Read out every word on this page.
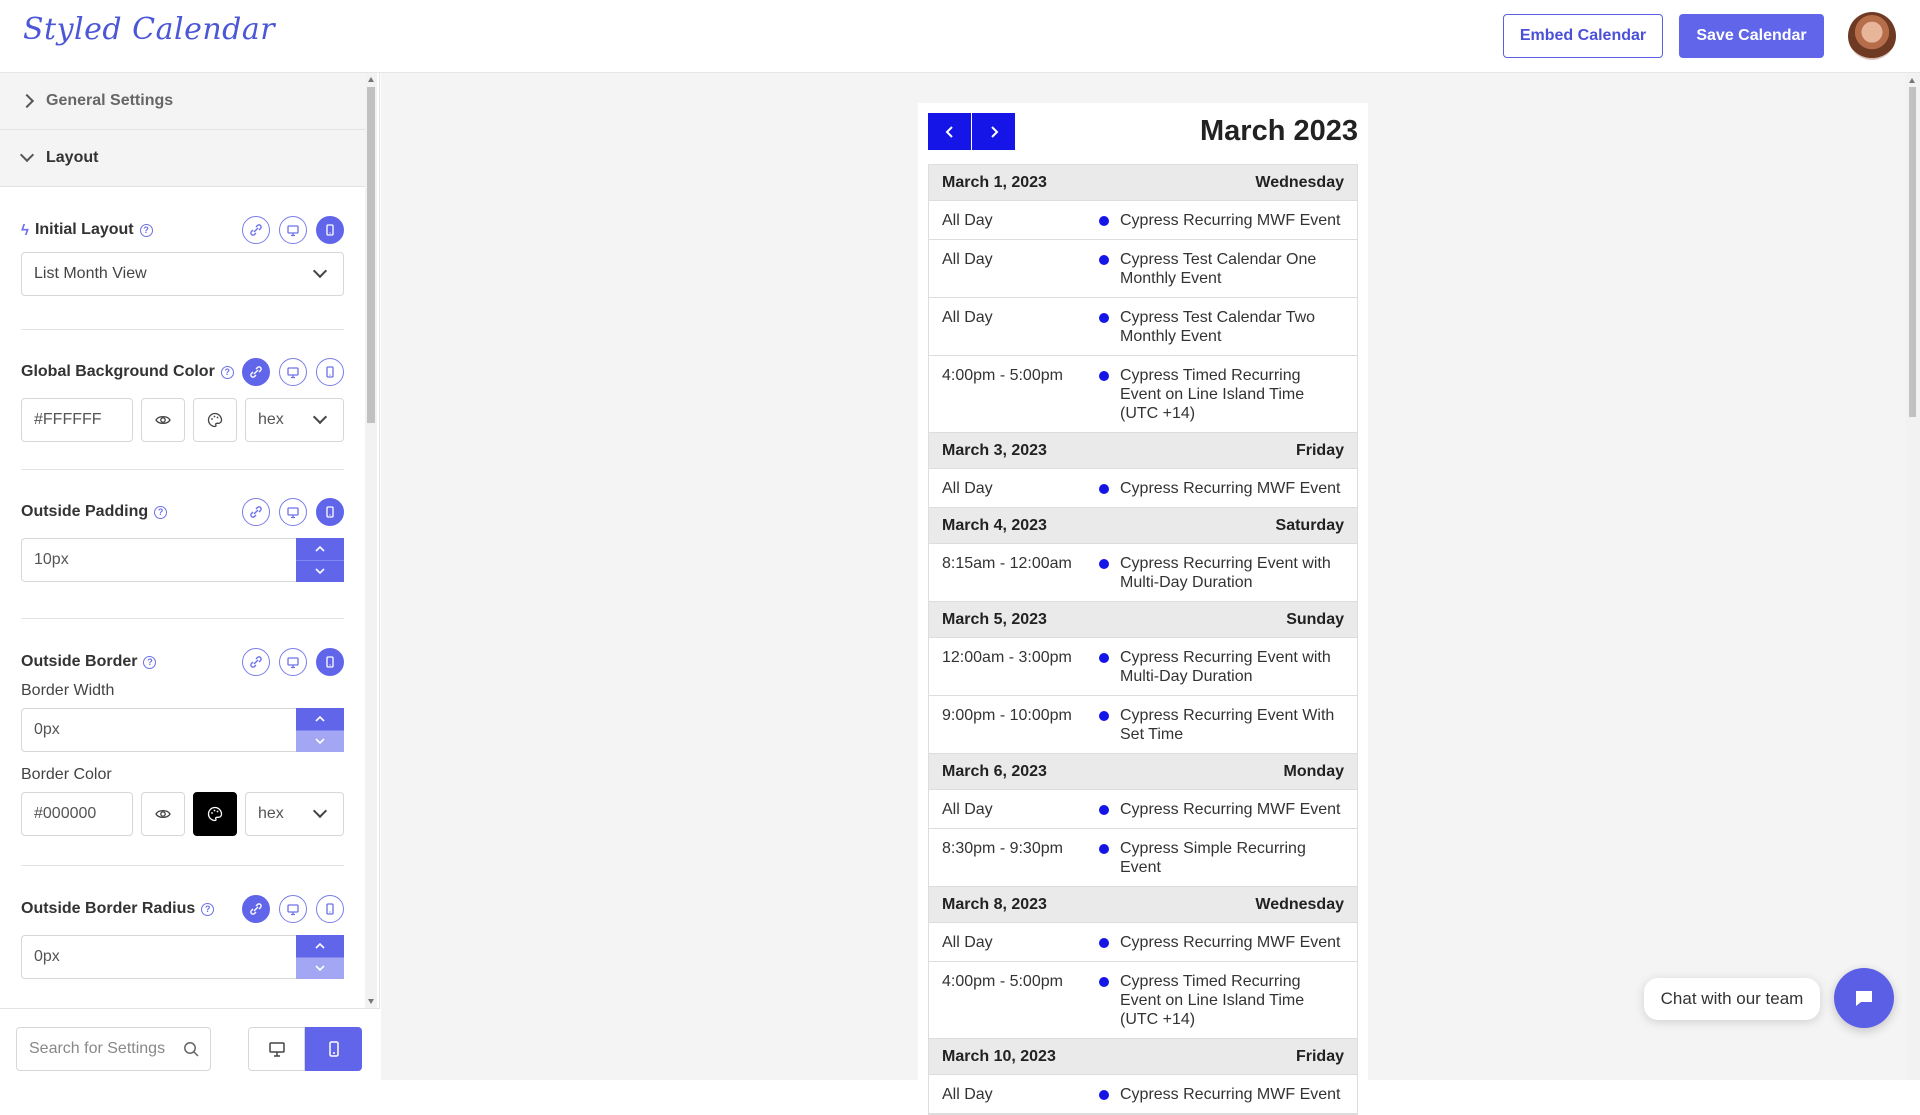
Styled Calendar	Embed Calendar	Save Calendar
General Settings
Layout
ϟ Initial Layout	?
List Month View
Global Background Color	?
#FFFFFF	hex
Outside Padding	?
10px
Outside Border	?
Border Width
0px
Border Color
#000000	hex
Outside Border Radius	?
0px
Search for Settings
March 2023
March 1, 2023	Wednesday
All Day	Cypress Recurring MWF Event
All Day	Cypress Test Calendar One Monthly Event
All Day	Cypress Test Calendar Two Monthly Event
4:00pm - 5:00pm	Cypress Timed Recurring Event on Line Island Time (UTC +14)
March 3, 2023	Friday
All Day	Cypress Recurring MWF Event
March 4, 2023	Saturday
8:15am - 12:00am	Cypress Recurring Event with Multi-Day Duration
March 5, 2023	Sunday
12:00am - 3:00pm	Cypress Recurring Event with Multi-Day Duration
9:00pm - 10:00pm	Cypress Recurring Event With Set Time
March 6, 2023	Monday
All Day	Cypress Recurring MWF Event
8:30pm - 9:30pm	Cypress Simple Recurring Event
March 8, 2023	Wednesday
All Day	Cypress Recurring MWF Event
4:00pm - 5:00pm	Cypress Timed Recurring Event on Line Island Time (UTC +14)
March 10, 2023	Friday
All Day	Cypress Recurring MWF Event
Chat with our team
